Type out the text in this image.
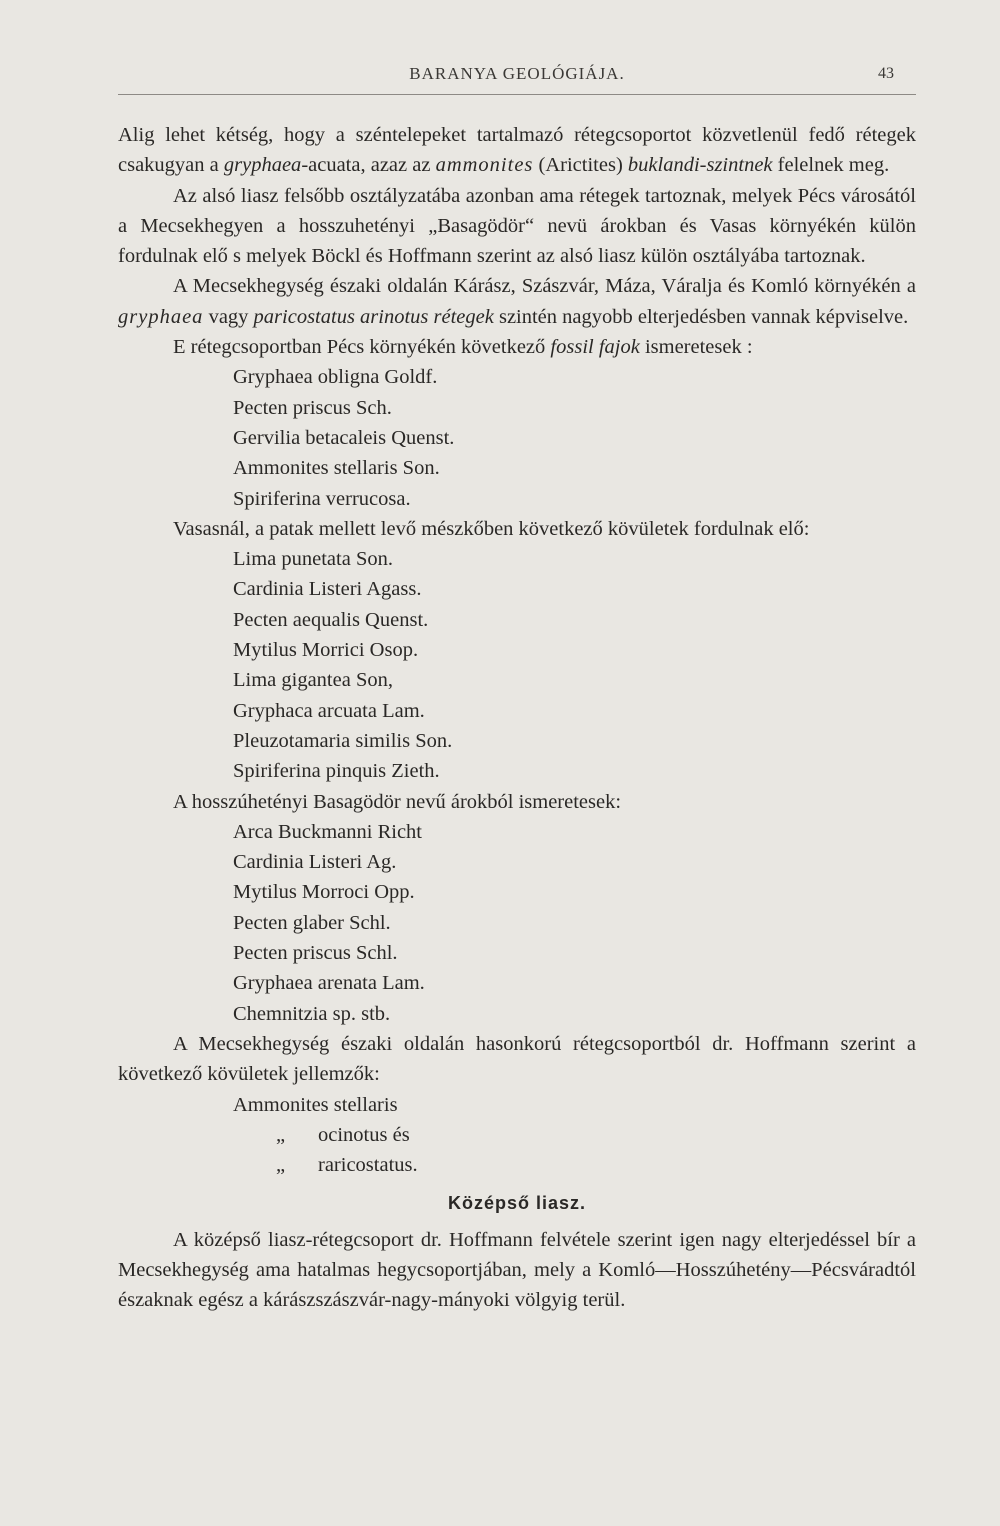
BARANYA GEOLÓGIÁJA.	43

Alig lehet kétség, hogy a széntelepeket tartalmazó rétegcsoportot közvetlenül fedő rétegek csakugyan a gryphaea-acuata, azaz az ammonites (Arictites) buklandi-szintnek felelnek meg.

Az alsó liasz felsőbb osztályzatába azonban ama rétegek tartoznak, melyek Pécs városától a Mecsekhegyen a hosszuhetényi „Basagödör“ nevü árokban és Vasas környékén külön fordulnak elő s melyek Böckl és Hoffmann szerint az alsó liasz külön osztályába tartoznak.

A Mecsekhegység északi oldalán Kárász, Szászvár, Máza, Váralja és Komló környékén a gryphaea vagy paricostatus arinotus rétegek szintén nagyobb elterjedésben vannak képviselve.

E rétegcsoportban Pécs környékén következő fossil fajok ismeretesek :

Gryphaea obligna Goldf.
Pecten priscus Sch.
Gervilia betacaleis Quenst.
Ammonites stellaris Son.
Spiriferina verrucosa.

Vasasnál, a patak mellett levő mészkőben következő kövületek fordulnak elő:

Lima punetata Son.
Cardinia Listeri Agass.
Pecten aequalis Quenst.
Mytilus Morrici Osop.
Lima gigantea Son,
Gryphaca arcuata Lam.
Pleuzotamaria similis Son.
Spiriferina pinquis Zieth.

A hosszúhetényi Basagödör nevű árokból ismeretesek:

Arca Buckmanni Richt
Cardinia Listeri Ag.
Mytilus Morroci Opp.
Pecten glaber Schl.
Pecten priscus Schl.
Gryphaea arenata Lam.
Chemnitzia sp. stb.

A Mecsekhegység északi oldalán hasonkorú rétegcsoportból dr. Hoffmann szerint a következő kövületek jellemzők:

Ammonites stellaris
„	ocinotus és
„	raricostatus.
Középső liasz.

A középső liasz-rétegcsoport dr. Hoffmann felvétele szerint igen nagy elterjedéssel bír a Mecsekhegység ama hatalmas hegycsoportjában, mely a Komló—Hosszúhetény—Pécsváradtól északnak egész a kárászszászvár-nagy-mányoki völgyig terül.
